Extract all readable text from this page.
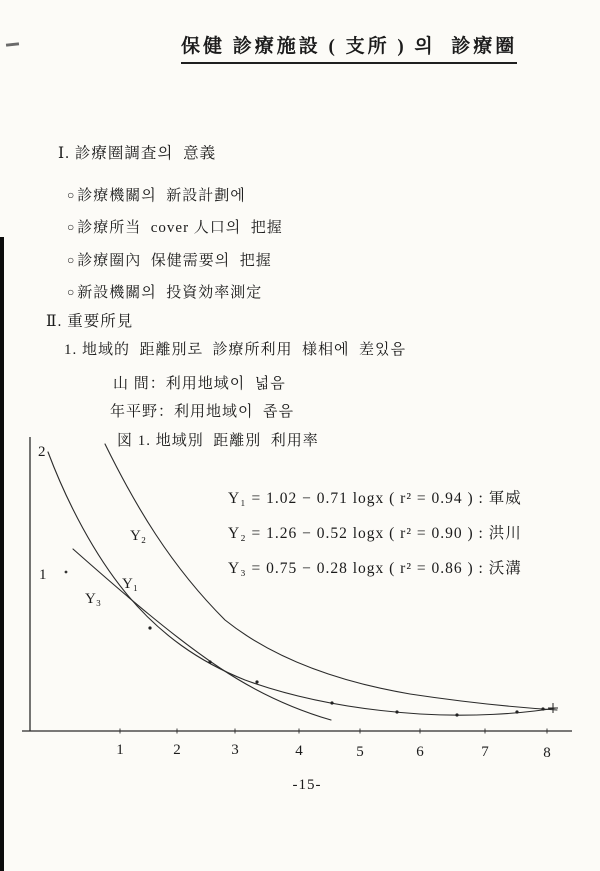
保健 診療施設 ( 支所 ) 의  診療圈
Ⅰ. 診療圈調査의  意義
○ 診療機關의  新設計劃에
○ 診療所当  cover 人口의  把握
○ 診療圈內  保健需要의  把握
○ 新設機關의  投資効率測定
Ⅱ. 重要所見
1. 地域的  距離別로  診療所利用  様相에  差있음
山 間：利用地域이  넓음
年平野：利用地域이  좁음
図 1. 地域別  距離別  利用率
Y₁ = 1.02 − 0.71 logx ( r² = 0.94 ) : 軍威
Y₂ = 1.26 − 0.52 logx ( r² = 0.90 ) : 洪川
Y₃ = 0.75 − 0.28 logx ( r² = 0.86 ) : 沃溝
1	2	3	4	5	6	7	8
2
1
Y₂
Y₁
Y₃
-15-
